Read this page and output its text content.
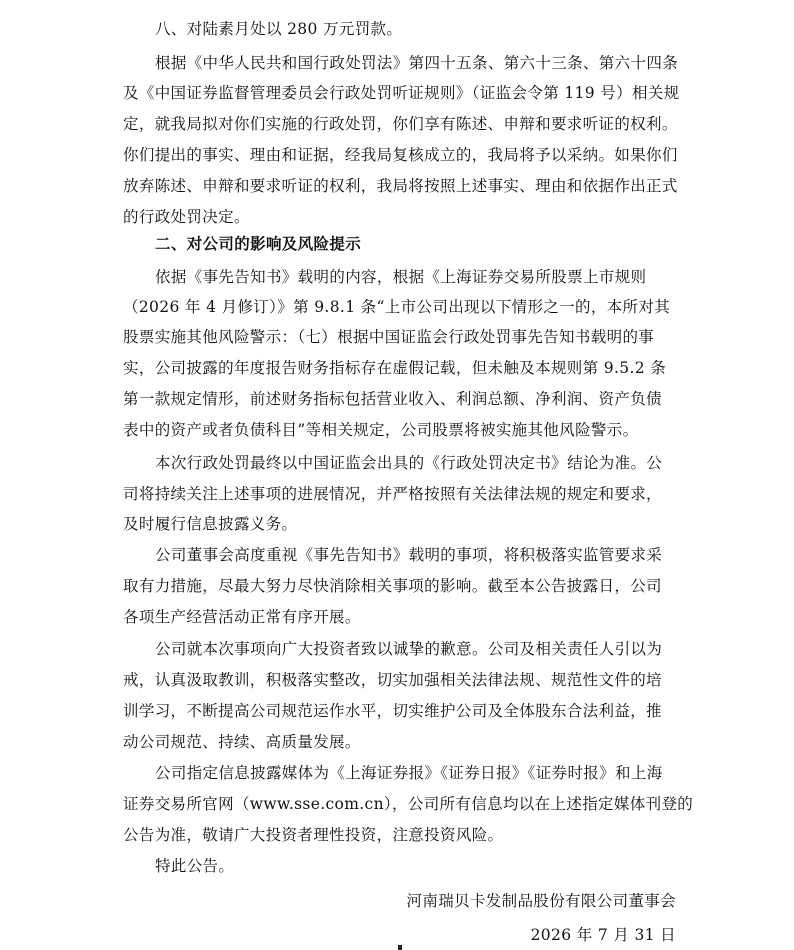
八、对陆素月处以 280 万元罚款。
根据《中华人民共和国行政处罚法》第四十五条、第六十三条、第六十四条
及《中国证券监督管理委员会行政处罚听证规则》（证监会令第 119 号）相关规
定，就我局拟对你们实施的行政处罚，你们享有陈述、申辩和要求听证的权利。
你们提出的事实、理由和证据，经我局复核成立的，我局将予以采纳。如果你们
放弃陈述、申辩和要求听证的权利，我局将按照上述事实、理由和依据作出正式
的行政处罚决定。
二、对公司的影响及风险提示
依据《事先告知书》载明的内容，根据《上海证券交易所股票上市规则
（2026 年 4 月修订）》第 9.8.1 条“上市公司出现以下情形之一的，本所对其
股票实施其他风险警示：（七）根据中国证监会行政处罚事先告知书载明的事
实，公司披露的年度报告财务指标存在虚假记载，但未触及本规则第 9.5.2 条
第一款规定情形，前述财务指标包括营业收入、利润总额、净利润、资产负债
表中的资产或者负债科目”等相关规定，公司股票将被实施其他风险警示。
本次行政处罚最终以中国证监会出具的《行政处罚决定书》结论为准。公
司将持续关注上述事项的进展情况，并严格按照有关法律法规的规定和要求，
及时履行信息披露义务。
公司董事会高度重视《事先告知书》载明的事项，将积极落实监管要求采
取有力措施，尽最大努力尽快消除相关事项的影响。截至本公告披露日，公司
各项生产经营活动正常有序开展。
公司就本次事项向广大投资者致以诚挚的歉意。公司及相关责任人引以为
戒，认真汲取教训，积极落实整改，切实加强相关法律法规、规范性文件的培
训学习，不断提高公司规范运作水平，切实维护公司及全体股东合法利益，推
动公司规范、持续、高质量发展。
公司指定信息披露媒体为《上海证券报》《证券日报》《证券时报》和上海
证券交易所官网（www.sse.com.cn），公司所有信息均以在上述指定媒体刊登的
公告为准，敬请广大投资者理性投资，注意投资风险。
特此公告。
河南瑞贝卡发制品股份有限公司董事会
2026 年 7 月 31 日
